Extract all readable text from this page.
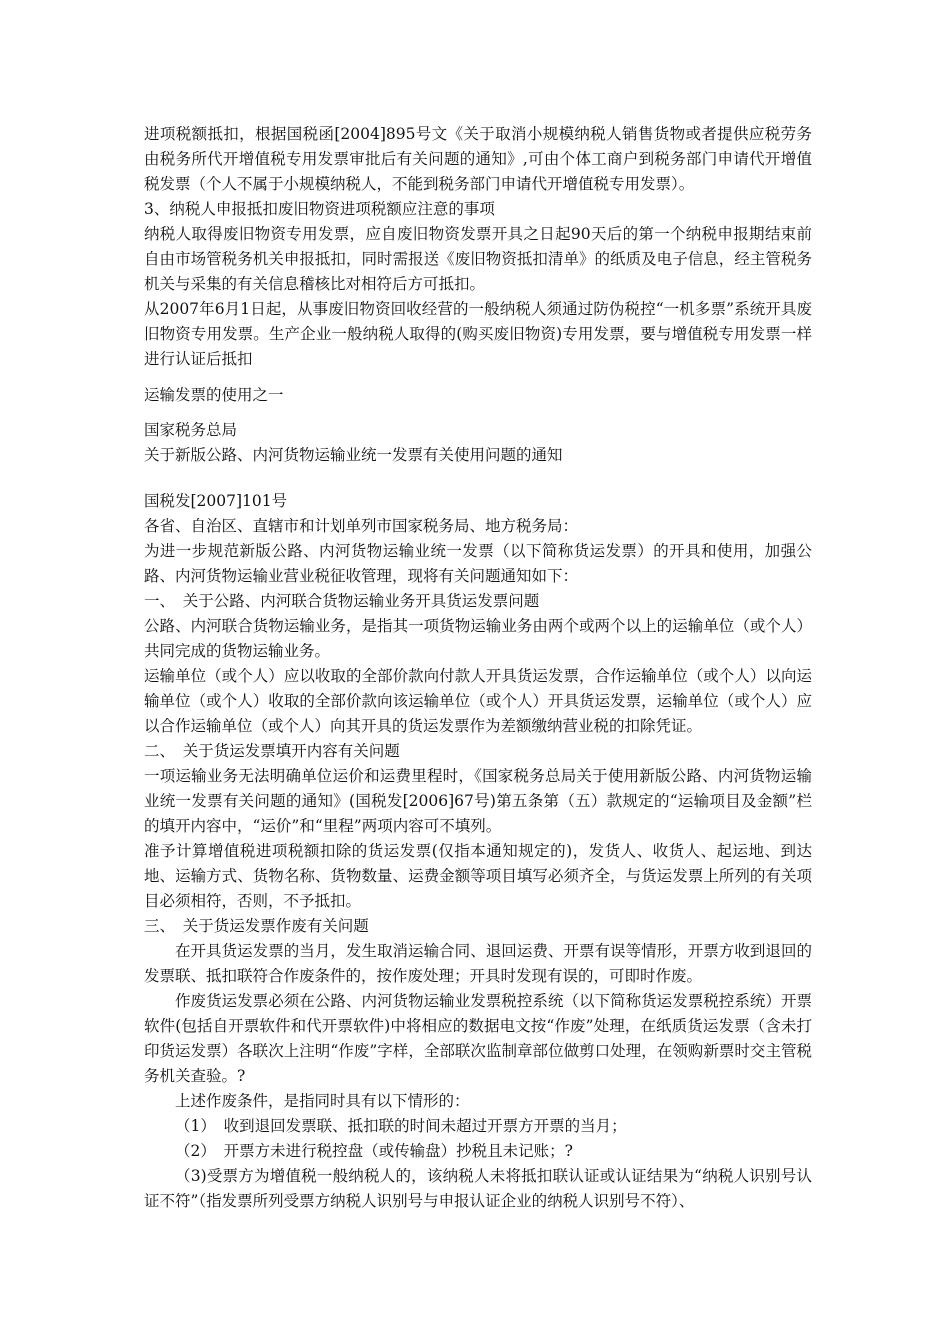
进项税额抵扣，根据国税函[2004]895号文《关于取消小规模纳税人销售货物或者提供应税劳务由税务所代开增值税专用发票审批后有关问题的通知》,可由个体工商户到税务部门申请代开增值税发票（个人不属于小规模纳税人，不能到税务部门申请代开增值税专用发票）。

3、纳税人申报抵扣废旧物资进项税额应注意的事项

纳税人取得废旧物资专用发票，应自废旧物资发票开具之日起90天后的第一个纳税申报期结束前自由市场管税务机关申报抵扣，同时需报送《废旧物资抵扣清单》的纸质及电子信息，经主管税务机关与采集的有关信息稽核比对相符后方可抵扣。

从2007年6月1日起，从事废旧物资回收经营的一般纳税人须通过防伪税控“一机多票”系统开具废旧物资专用发票。生产企业一般纳税人取得的(购买废旧物资)专用发票，要与增值税专用发票一样进行认证后抵扣

运输发票的使用之一

国家税务总局

关于新版公路、内河货物运输业统一发票有关使用问题的通知

国税发[2007]101号

各省、自治区、直辖市和计划单列市国家税务局、地方税务局：

为进一步规范新版公路、内河货物运输业统一发票（以下简称货运发票）的开具和使用，加强公路、内河货物运输业营业税征收管理，现将有关问题通知如下：

一、　关于公路、内河联合货物运输业务开具货运发票问题

公路、内河联合货物运输业务，是指其一项货物运输业务由两个或两个以上的运输单位（或个人）共同完成的货物运输业务。

运输单位（或个人）应以收取的全部价款向付款人开具货运发票，合作运输单位（或个人）以向运输单位（或个人）收取的全部价款向该运输单位（或个人）开具货运发票，运输单位（或个人）应以合作运输单位（或个人）向其开具的货运发票作为差额缴纳营业税的扣除凭证。

二、　关于货运发票填开内容有关问题

一项运输业务无法明确单位运价和运费里程时，《国家税务总局关于使用新版公路、内河货物运输业统一发票有关问题的通知》(国税发[2006]67号)第五条第（五）款规定的“运输项目及金额”栏的填开内容中，“运价”和“里程”两项内容可不填列。

准予计算增值税进项税额扣除的货运发票(仅指本通知规定的)，发货人、收货人、起运地、到达地、运输方式、货物名称、货物数量、运费金额等项目填写必须齐全，与货运发票上所列的有关项目必须相符，否则，不予抵扣。

三、　关于货运发票作废有关问题

在开具货运发票的当月，发生取消运输合同、退回运费、开票有误等情形，开票方收到退回的发票联、抵扣联符合作废条件的，按作废处理；开具时发现有误的，可即时作废。

作废货运发票必须在公路、内河货物运输业发票税控系统（以下简称货运发票税控系统）开票软件(包括自开票软件和代开票软件)中将相应的数据电文按“作废”处理，在纸质货运发票（含未打印货运发票）各联次上注明“作废”字样，全部联次监制章部位做剪口处理，在领购新票时交主管税务机关查验。?

上述作废条件，是指同时具有以下情形的：

（1）　收到退回发票联、抵扣联的时间未超过开票方开票的当月；

（2）　开票方未进行税控盘（或传输盘）抄税且未记账；?

（3)受票方为增值税一般纳税人的，该纳税人未将抵扣联认证或认证结果为“纳税人识别号认证不符”（指发票所列受票方纳税人识别号与申报认证企业的纳税人识别号不符）、
